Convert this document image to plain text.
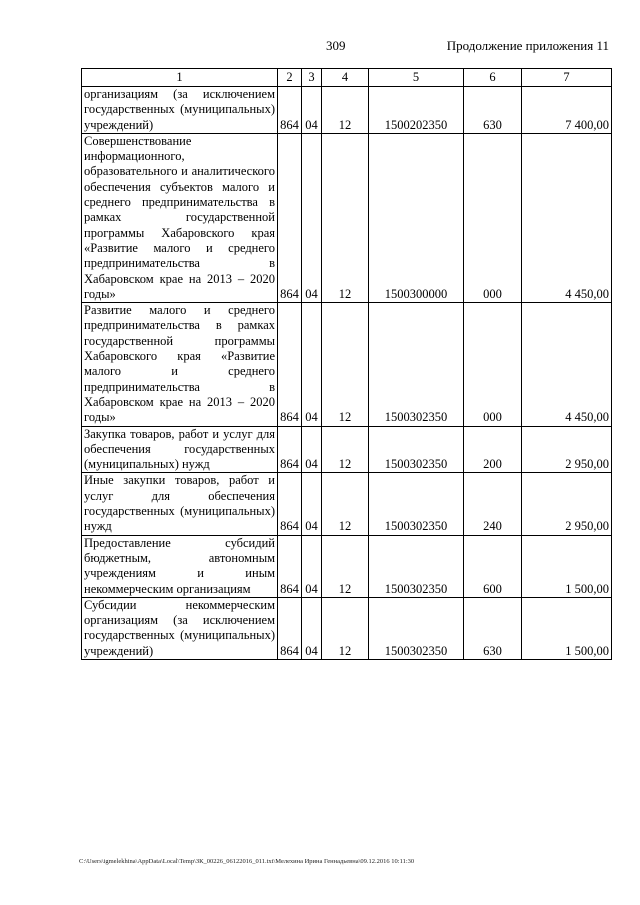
309	Продолжение приложения 11
1	2	3	4	5	6	7
организациям (за исключением государственных (муниципальных) учреждений)	864	04	12	1500202350	630	7 400,00
Совершенствование информационного, образовательного и аналитического обеспечения субъектов малого и среднего предпринимательства в рамках государственной программы Хабаровского края «Развитие малого и среднего предпринимательства в Хабаровском крае на 2013 – 2020 годы»	864	04	12	1500300000	000	4 450,00
Развитие малого и среднего предпринимательства в рамках государственной программы Хабаровского края «Развитие малого и среднего предпринимательства в Хабаровском крае на 2013 – 2020 годы»	864	04	12	1500302350	000	4 450,00
Закупка товаров, работ и услуг для обеспечения государственных (муниципальных) нужд	864	04	12	1500302350	200	2 950,00
Иные закупки товаров, работ и услуг для обеспечения государственных (муниципальных) нужд	864	04	12	1500302350	240	2 950,00
Предоставление субсидий бюджетным, автономным учреждениям и иным некоммерческим организациям	864	04	12	1500302350	600	1 500,00
Субсидии некоммерческим организациям (за исключением государственных (муниципальных) учреждений)	864	04	12	1500302350	630	1 500,00
C:\Users\igmelekhina\AppData\Local\Temp\ЗК_00226_06122016_011.txt\Мелехина Ирина Геннадьевна\09.12.2016 10:11:30
